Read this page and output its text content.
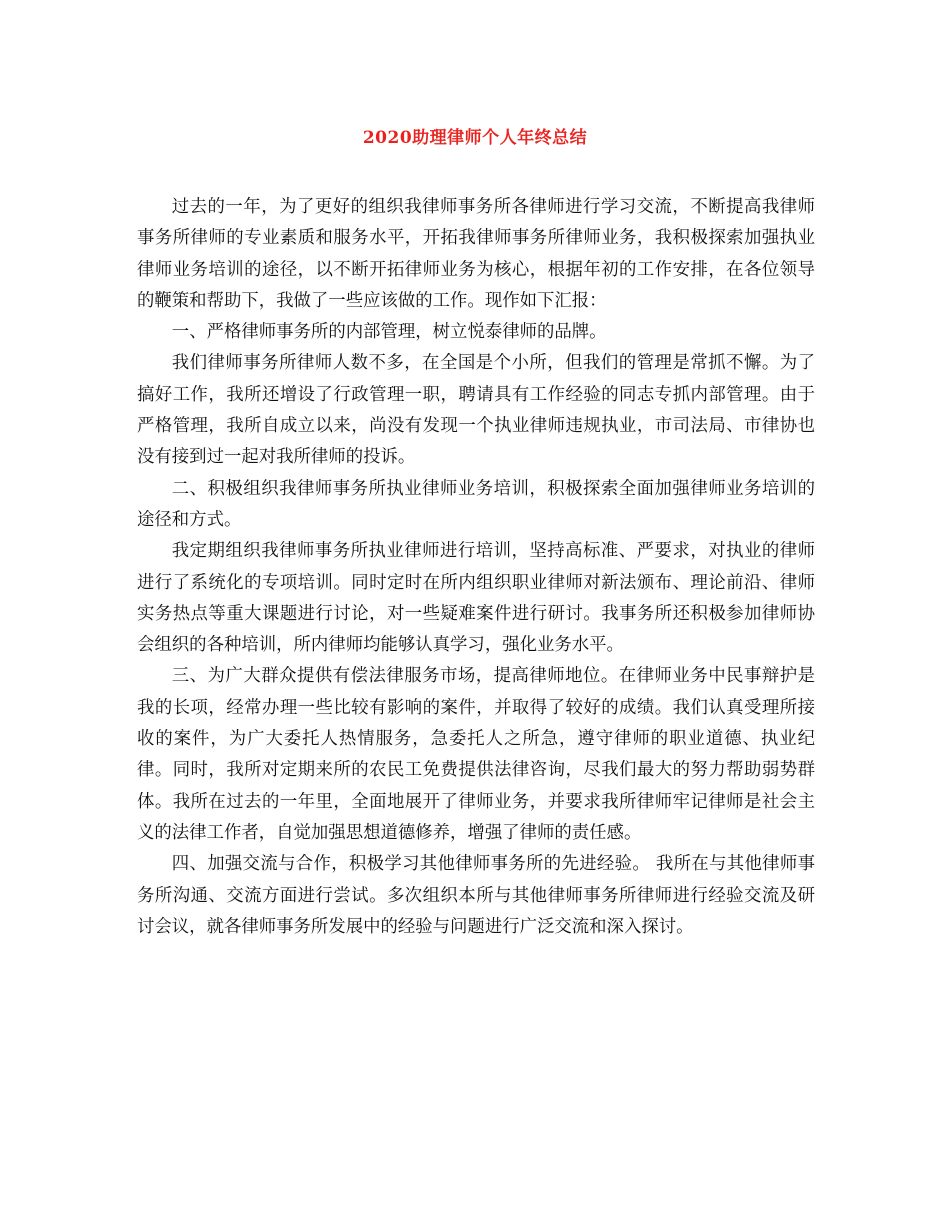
2020助理律师个人年终总结

过去的一年，为了更好的组织我律师事务所各律师进行学习交流，不断提高我律师事务所律师的专业素质和服务水平，开拓我律师事务所律师业务，我积极探索加强执业律师业务培训的途径，以不断开拓律师业务为核心，根据年初的工作安排，在各位领导的鞭策和帮助下，我做了一些应该做的工作。现作如下汇报：

一、严格律师事务所的内部管理，树立悦泰律师的品牌。

我们律师事务所律师人数不多，在全国是个小所，但我们的管理是常抓不懈。为了搞好工作，我所还增设了行政管理一职，聘请具有工作经验的同志专抓内部管理。由于严格管理，我所自成立以来，尚没有发现一个执业律师违规执业，市司法局、市律协也没有接到过一起对我所律师的投诉。

二、积极组织我律师事务所执业律师业务培训，积极探索全面加强律师业务培训的途径和方式。

我定期组织我律师事务所执业律师进行培训，坚持高标准、严要求，对执业的律师进行了系统化的专项培训。同时定时在所内组织职业律师对新法颁布、理论前沿、律师实务热点等重大课题进行讨论，对一些疑难案件进行研讨。我事务所还积极参加律师协会组织的各种培训，所内律师均能够认真学习，强化业务水平。

三、为广大群众提供有偿法律服务市场，提高律师地位。在律师业务中民事辩护是我的长项，经常办理一些比较有影响的案件，并取得了较好的成绩。我们认真受理所接收的案件，为广大委托人热情服务，急委托人之所急，遵守律师的职业道德、执业纪律。同时，我所对定期来所的农民工免费提供法律咨询，尽我们最大的努力帮助弱势群体。我所在过去的一年里，全面地展开了律师业务，并要求我所律师牢记律师是社会主义的法律工作者，自觉加强思想道德修养，增强了律师的责任感。

四、加强交流与合作，积极学习其他律师事务所的先进经验。 我所在与其他律师事务所沟通、交流方面进行尝试。多次组织本所与其他律师事务所律师进行经验交流及研讨会议，就各律师事务所发展中的经验与问题进行广泛交流和深入探讨。
